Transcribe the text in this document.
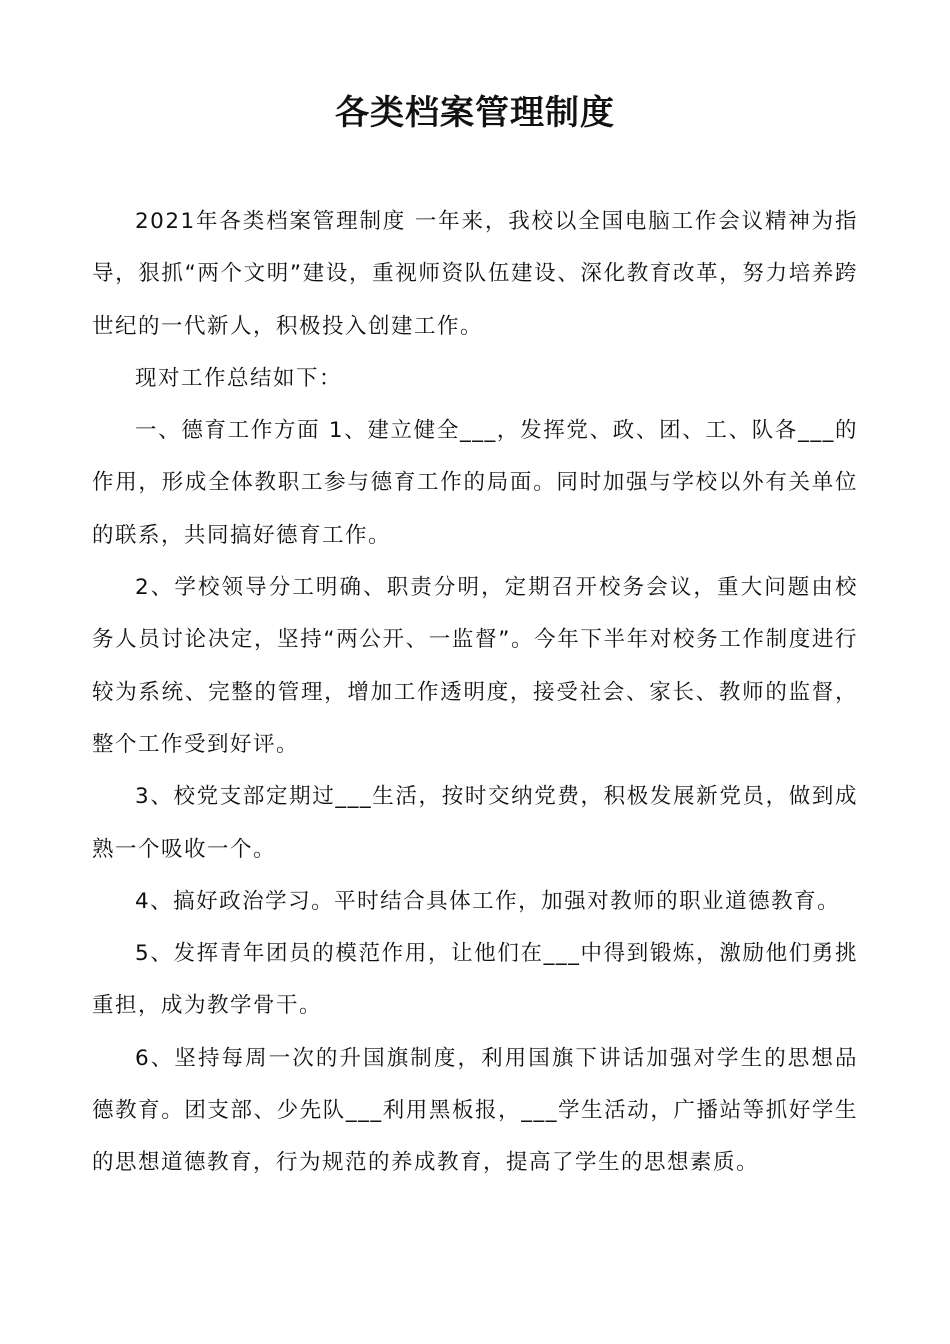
各类档案管理制度

2021年各类档案管理制度 一年来，我校以全国电脑工作会议精神为指导，狠抓“两个文明”建设，重视师资队伍建设、深化教育改革，努力培养跨世纪的一代新人，积极投入创建工作。

现对工作总结如下：

一、德育工作方面 1、建立健全___，发挥党、政、团、工、队各___的作用，形成全体教职工参与德育工作的局面。同时加强与学校以外有关单位的联系，共同搞好德育工作。

2、学校领导分工明确、职责分明，定期召开校务会议，重大问题由校务人员讨论决定，坚持“两公开、一监督”。今年下半年对校务工作制度进行较为系统、完整的管理，增加工作透明度，接受社会、家长、教师的监督，整个工作受到好评。

3、校党支部定期过___生活，按时交纳党费，积极发展新党员，做到成熟一个吸收一个。

4、搞好政治学习。平时结合具体工作，加强对教师的职业道德教育。

5、发挥青年团员的模范作用，让他们在___中得到锻炼，激励他们勇挑重担，成为教学骨干。

6、坚持每周一次的升国旗制度，利用国旗下讲话加强对学生的思想品德教育。团支部、少先队___利用黑板报，___学生活动，广播站等抓好学生的思想道德教育，行为规范的养成教育，提高了学生的思想素质。
